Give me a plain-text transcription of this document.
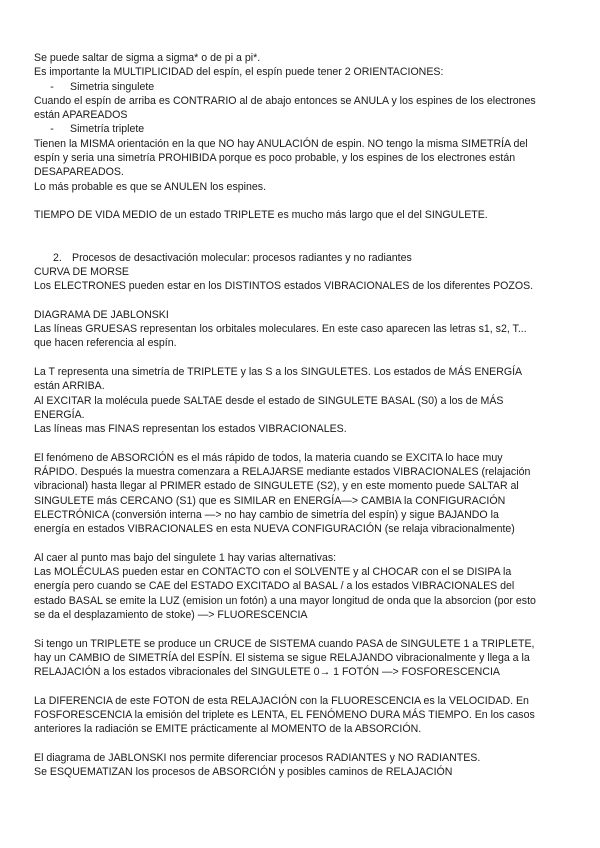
Se puede saltar de sigma a sigma* o de pi a pi*.
Es importante la MULTIPLICIDAD del espín, el espín puede tener 2 ORIENTACIONES:
- Simetria singulete
Cuando el espín de arriba es CONTRARIO al de abajo entonces se ANULA y los espines de los electrones
están APAREADOS
- Simetría triplete
Tienen la MISMA orientación en la que NO hay ANULACIÓN de espin. NO tengo la misma SIMETRÍA del
espín y seria una simetría PROHIBIDA porque es poco probable, y los espines de los electrones están
DESAPAREADOS.
Lo más probable es que se ANULEN los espines.
TIEMPO DE VIDA MEDIO de un estado TRIPLETE es mucho más largo que el del SINGULETE.
2. Procesos de desactivación molecular: procesos radiantes y no radiantes
CURVA DE MORSE
Los ELECTRONES pueden estar en los DISTINTOS estados VIBRACIONALES de los diferentes POZOS.
DIAGRAMA DE JABLONSKI
Las líneas GRUESAS representan los orbitales moleculares. En este caso aparecen las letras s1, s2, T...
que hacen referencia al espín.
La T representa una simetría de TRIPLETE y las S a los SINGULETES. Los estados de MÁS ENERGÍA
están ARRIBA.
Al EXCITAR la molécula puede SALTAE desde el estado de SINGULETE BASAL (S0) a los de MÁS
ENERGÍA.
Las líneas mas FINAS representan los estados VIBRACIONALES.
El fenómeno de ABSORCIÓN es el más rápido de todos, la materia cuando se EXCITA lo hace muy
RÁPIDO. Después la muestra comenzara a RELAJARSE mediante estados VIBRACIONALES (relajación
vibracional) hasta llegar al PRIMER estado de SINGULETE (S2), y en este momento puede SALTAR al
SINGULETE más CERCANO (S1) que es SIMILAR en ENERGÍA—> CAMBIA la CONFIGURACIÓN
ELECTRÓNICA (conversión interna —> no hay cambio de simetría del espín) y sigue BAJANDO la
energía en estados VIBRACIONALES en esta NUEVA CONFIGURACIÓN (se relaja vibracionalmente)
Al caer al punto mas bajo del singulete 1 hay varias alternativas:
Las MOLÉCULAS pueden estar en CONTACTO con el SOLVENTE y al CHOCAR con el se DISIPA la
energía pero cuando se CAE del ESTADO EXCITADO al BASAL / a los estados VIBRACIONALES del
estado BASAL se emite la LUZ (emision un fotón) a una mayor longitud de onda que la absorcion (por esto
se da el desplazamiento de stoke) —> FLUORESCENCIA
Si tengo un TRIPLETE se produce un CRUCE de SISTEMA cuando PASA de SINGULETE 1 a TRIPLETE,
hay un CAMBIO de SIMETRÍA del ESPÍN. El sistema se sigue RELAJANDO vibracionalmente y llega a la
RELAJACIÓN a los estados vibracionales del SINGULETE 0→ 1 FOTÓN —> FOSFORESCENCIA
La DIFERENCIA de este FOTON de esta RELAJACIÓN con la FLUORESCENCIA es la VELOCIDAD. En
FOSFORESCENCIA la emisión del triplete es LENTA, EL FENÓMENO DURA MÁS TIEMPO. En los casos
anteriores la radiación se EMITE prácticamente al MOMENTO de la ABSORCIÓN.
El diagrama de JABLONSKI nos permite diferenciar procesos RADIANTES y NO RADIANTES.
Se ESQUEMATIZAN los procesos de ABSORCIÓN y posibles caminos de RELAJACIÓN
